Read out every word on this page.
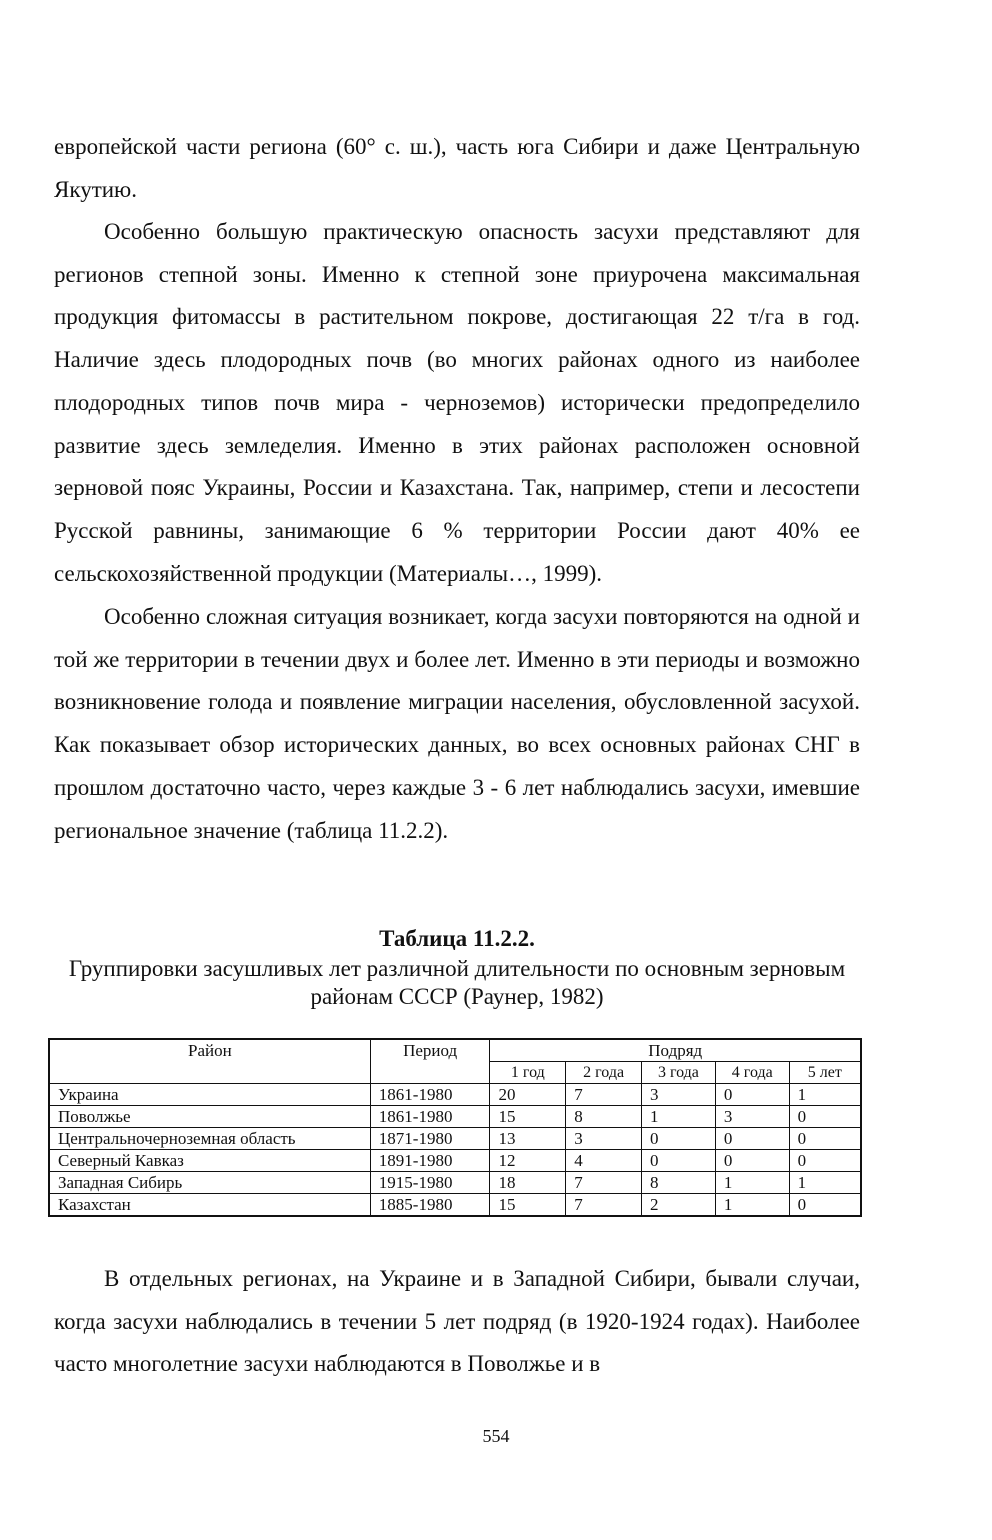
европейской части региона (60° с. ш.), часть юга Сибири и даже Центральную Якутию.
Особенно большую практическую опасность засухи представляют для регионов степной зоны. Именно к степной зоне приурочена максимальная продукция фитомассы в растительном покрове, достигающая 22 т/га в год. Наличие здесь плодородных почв (во многих районах одного из наиболее плодородных типов почв мира - черноземов) исторически предопределило развитие здесь земледелия. Именно в этих районах расположен основной зерновой пояс Украины, России и Казахстана. Так, например, степи и лесостепи Русской равнины, занимающие 6 % территории России дают 40% ее сельскохозяйственной продукции (Материалы…, 1999).
Особенно сложная ситуация возникает, когда засухи повторяются на одной и той же территории в течении двух и более лет. Именно в эти периоды и возможно возникновение голода и появление миграции населения, обусловленной засухой. Как показывает обзор исторических данных, во всех основных районах СНГ в прошлом достаточно часто, через каждые 3 - 6 лет наблюдались засухи, имевшие региональное значение (таблица 11.2.2).
Таблица 11.2.2.
Группировки засушливых лет различной длительности по основным зерновым районам СССР (Раунер, 1982)
Район	Период	Подряд				
		1 год	2 года	3 года	4 года	5 лет
Украина	1861-1980	20	7	3	0	1
Поволжье	1861-1980	15	8	1	3	0
Центральночерноземная область	1871-1980	13	3	0	0	0
Северный Кавказ	1891-1980	12	4	0	0	0
Западная Сибирь	1915-1980	18	7	8	1	1
Казахстан	1885-1980	15	7	2	1	0
В отдельных регионах, на Украине и в Западной Сибири, бывали случаи, когда засухи наблюдались в течении 5 лет подряд (в 1920-1924 годах). Наиболее часто многолетние засухи наблюдаются в Поволжье и в
554
